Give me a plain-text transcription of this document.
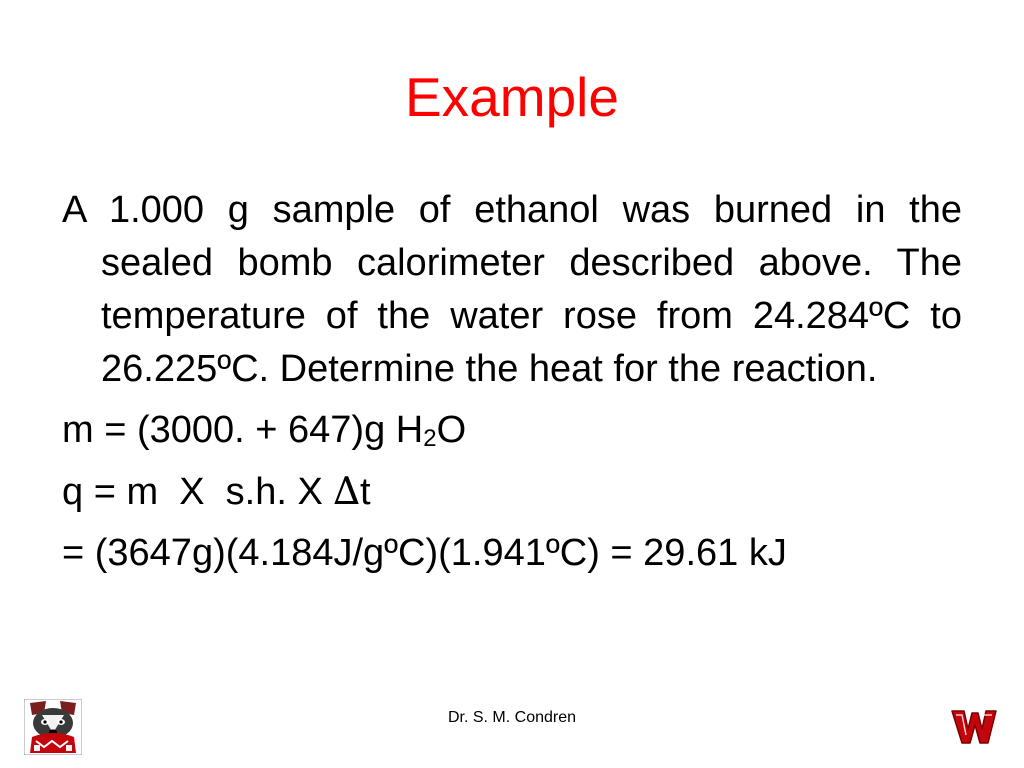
Example
A 1.000 g sample of ethanol was burned in the sealed bomb calorimeter described above. The temperature of the water rose from 24.284ºC to 26.225ºC. Determine the heat for the reaction.
m = (3000. + 647)g $H_2O$
q = m  X  s.h. X ∆t
= (3647g)(4.184J/gºC)(1.941ºC) = 29.61 kJ
Dr. S. M. Condren
